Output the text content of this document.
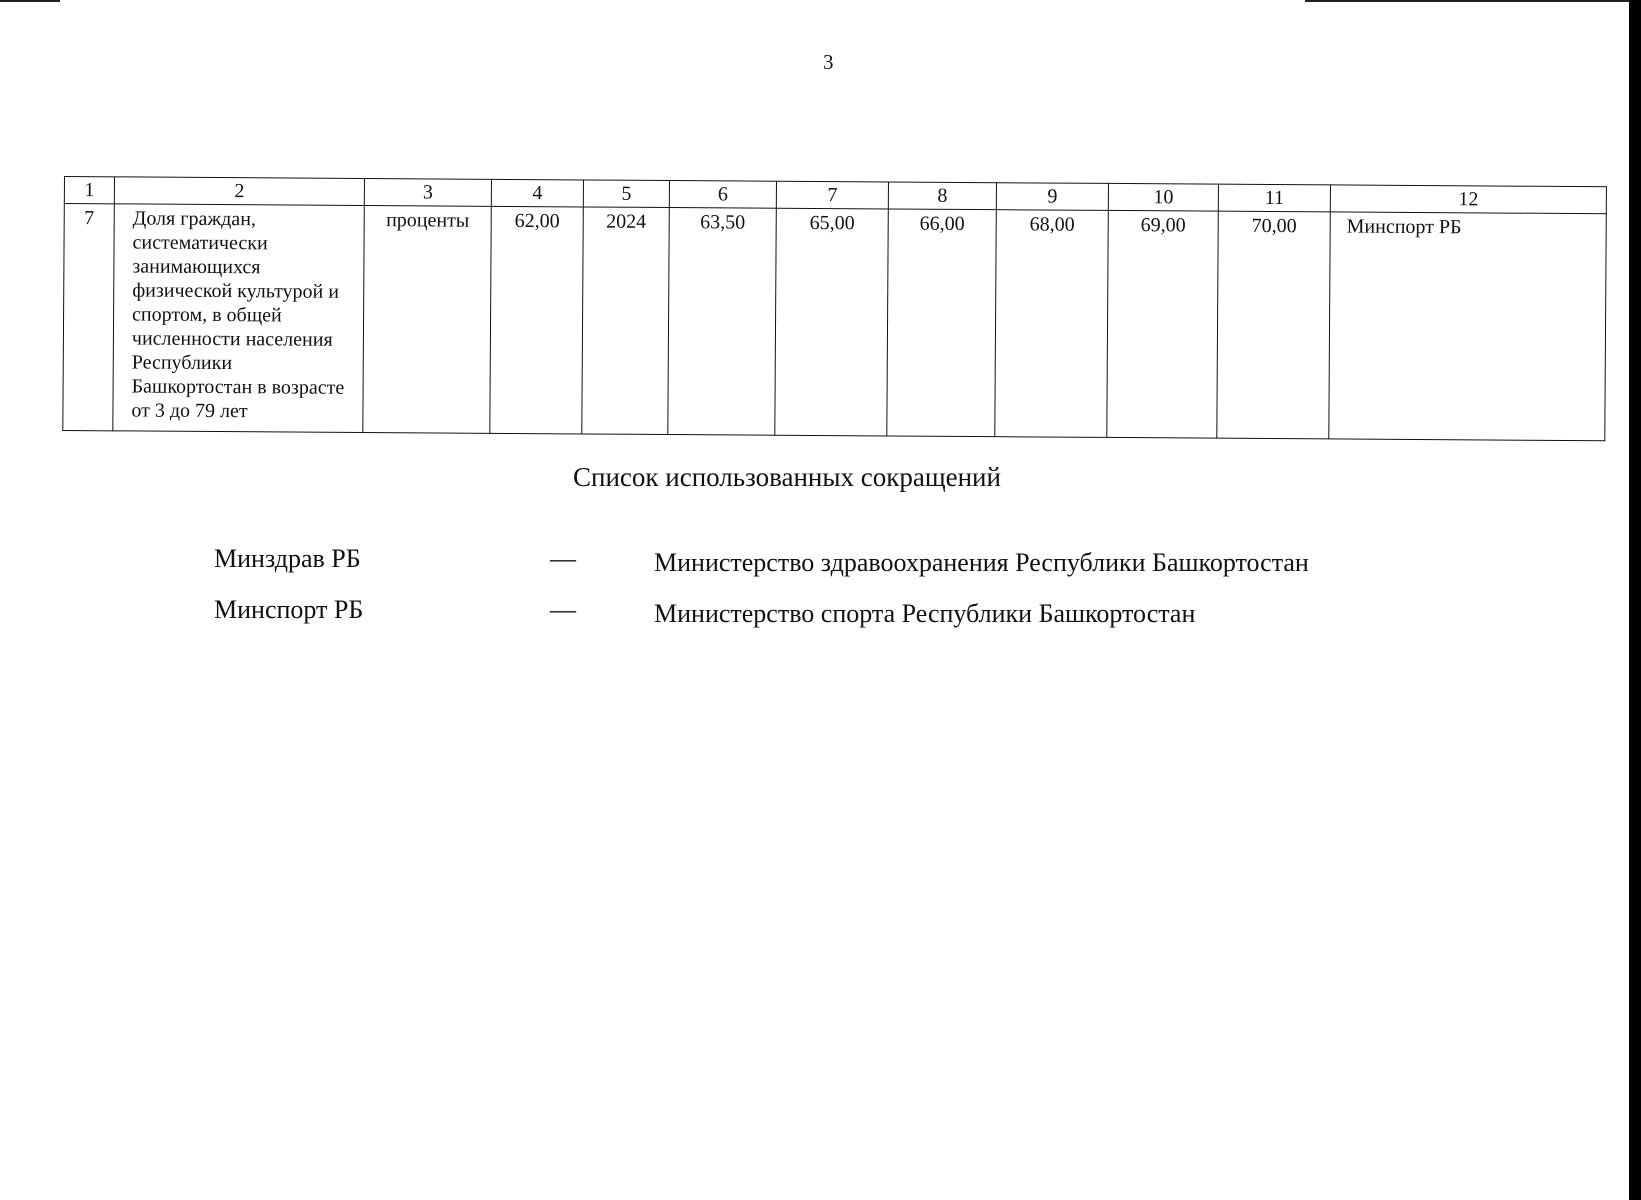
3
1	2	3	4	5	6	7	8	9	10	11	12
7	Доля граждан, систематически занимающихся физической культурой и спортом, в общей численности населения Республики Башкортостан в возрасте от 3 до 79 лет	проценты	62,00	2024	63,50	65,00	66,00	68,00	69,00	70,00	Минспорт РБ
Список использованных сокращений
Минздрав РБ	—	Министерство здравоохранения Республики Башкортостан
Минспорт РБ	—	Министерство спорта Республики Башкортостан
